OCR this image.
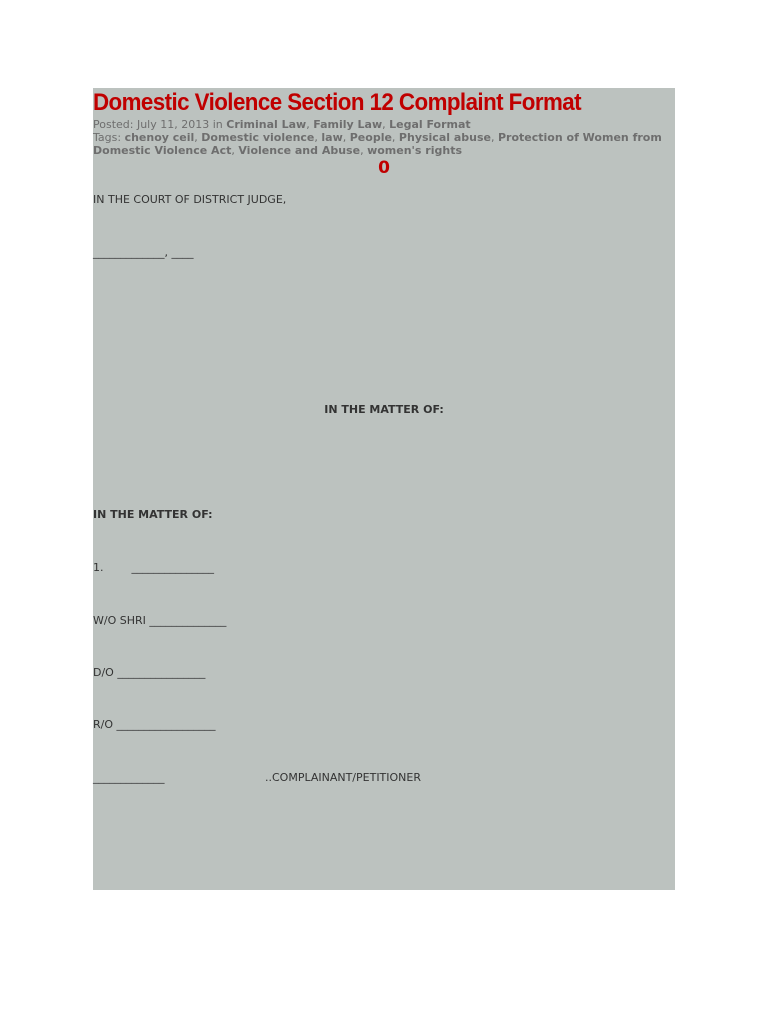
Domestic Violence Section 12 Complaint Format
Posted: July 11, 2013 in Criminal Law, Family Law, Legal Format
Tags: chenoy ceil, Domestic violence, law, People, Physical abuse, Protection of Women from Domestic Violence Act, Violence and Abuse, women's rights
0
IN THE COURT OF DISTRICT JUDGE,
_____________, ____
IN THE MATTER OF:
IN THE MATTER OF:
1.        _______________
W/O SHRI ______________
D/O ________________
R/O __________________
_____________	..COMPLAINANT/PETITIONER
